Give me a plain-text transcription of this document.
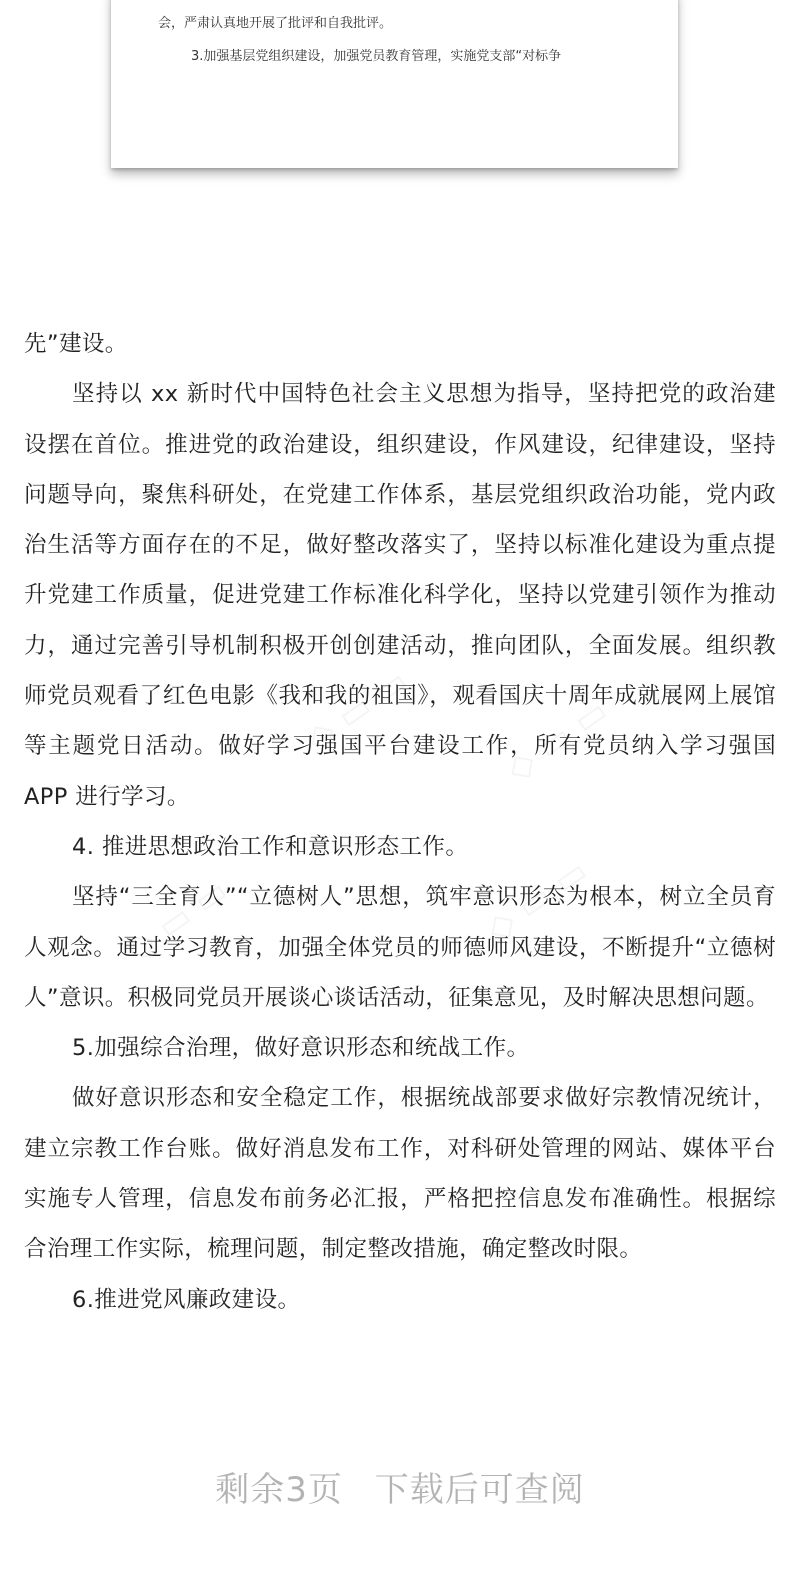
会，严肃认真地开展了批评和自我批评。
3.加强基层党组织建设，加强党员教育管理，实施党支部“对标争

先”建设。

坚持以 xx 新时代中国特色社会主义思想为指导，坚持把党的政治建设摆在首位。推进党的政治建设，组织建设，作风建设，纪律建设，坚持问题导向，聚焦科研处，在党建工作体系，基层党组织政治功能，党内政治生活等方面存在的不足，做好整改落实了，坚持以标准化建设为重点提升党建工作质量，促进党建工作标准化科学化，坚持以党建引领作为推动力，通过完善引导机制积极开创创建活动，推向团队，全面发展。组织教师党员观看了红色电影《我和我的祖国》，观看国庆十周年成就展网上展馆等主题党日活动。做好学习强国平台建设工作，所有党员纳入学习强国 APP 进行学习。

4. 推进思想政治工作和意识形态工作。

坚持“三全育人”“立德树人”思想，筑牢意识形态为根本，树立全员育人观念。通过学习教育，加强全体党员的师德师风建设，不断提升“立德树人”意识。积极同党员开展谈心谈话活动，征集意见，及时解决思想问题。

5.加强综合治理，做好意识形态和统战工作。

做好意识形态和安全稳定工作，根据统战部要求做好宗教情况统计，建立宗教工作台账。做好消息发布工作，对科研处管理的网站、媒体平台实施专人管理，信息发布前务必汇报，严格把控信息发布准确性。根据综合治理工作实际，梳理问题，制定整改措施，确定整改时限。

6.推进党风廉政建设。

剩余3页 下载后可查阅
